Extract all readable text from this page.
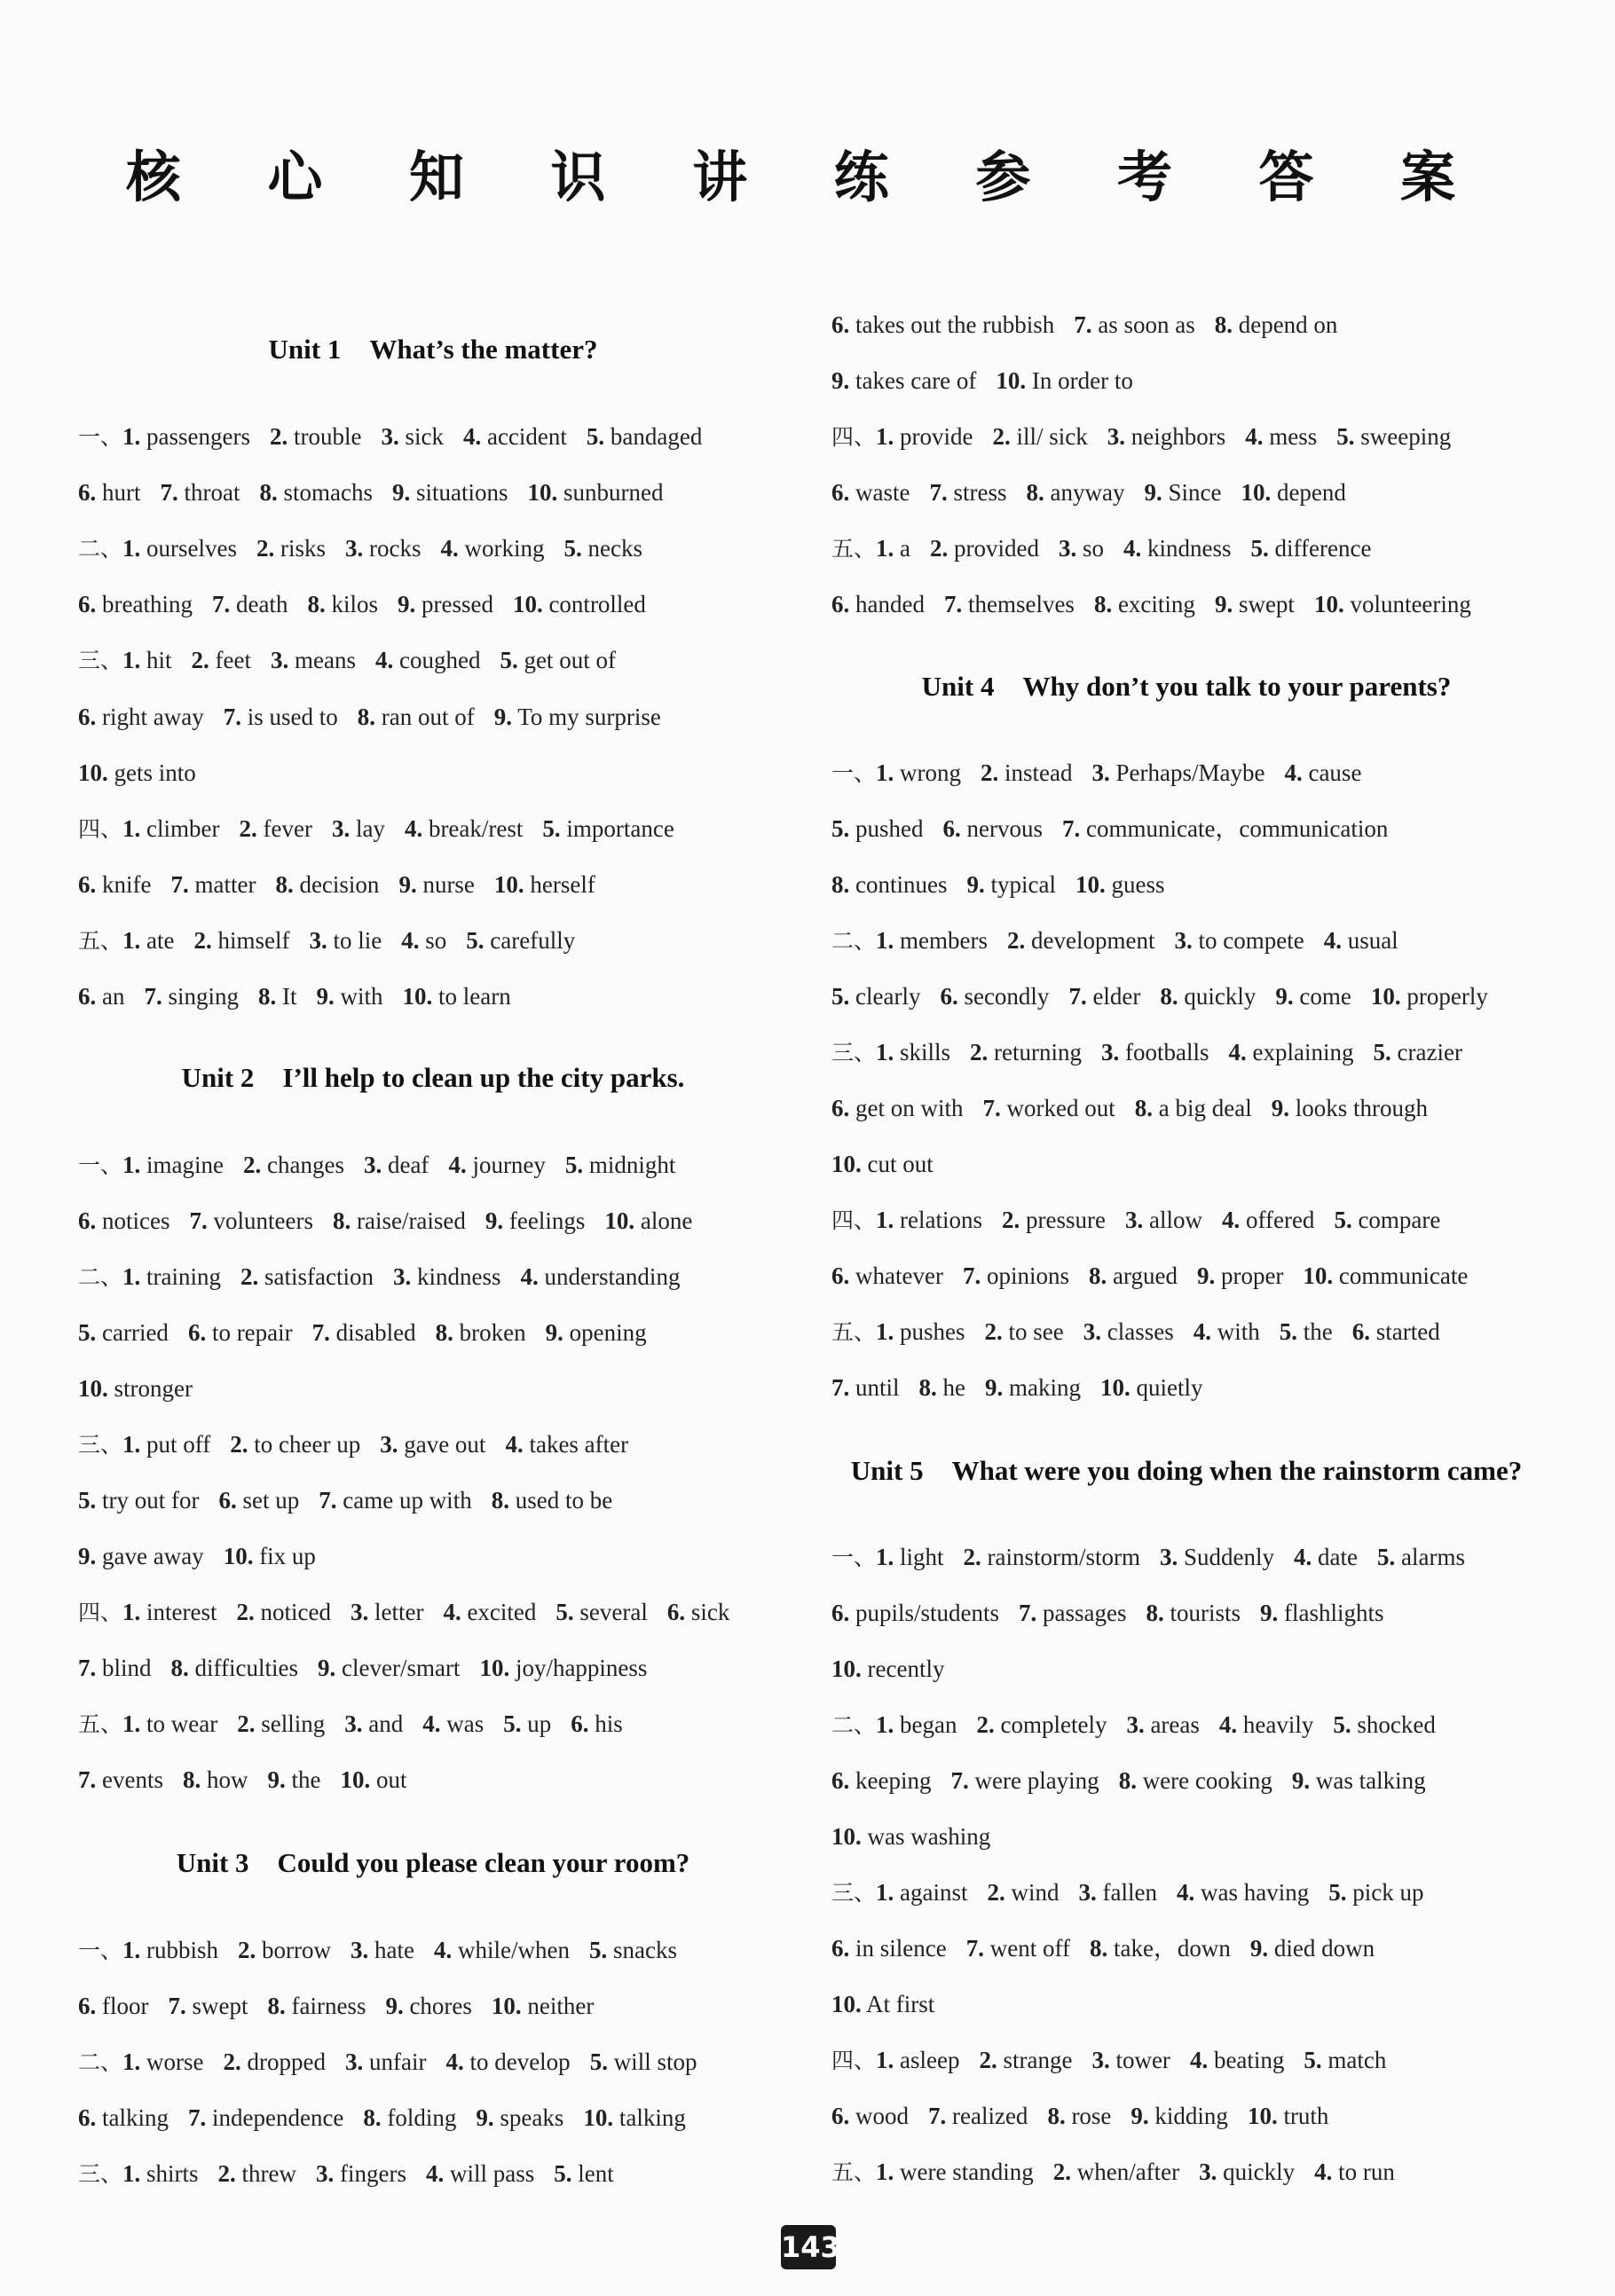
核 心 知 识 讲 练 参 考 答 案
Unit 1 What’s the matter?
Unit 2 I’ll help to clean up the city parks.
Unit 3 Could you please clean your room?
一、1. passengers 2. trouble 3. sick 4. accident 5. bandaged
6. hurt 7. throat 8. stomachs 9. situations 10. sunburned
二、1. ourselves 2. risks 3. rocks 4. working 5. necks
6. breathing 7. death 8. kilos 9. pressed 10. controlled
三、1. hit 2. feet 3. means 4. coughed 5. get out of
6. right away 7. is used to 8. ran out of 9. To my surprise
10. gets into
四、1. climber 2. fever 3. lay 4. break/rest 5. importance
6. knife 7. matter 8. decision 9. nurse 10. herself
五、1. ate 2. himself 3. to lie 4. so 5. carefully
6. an 7. singing 8. It 9. with 10. to learn
一、1. imagine 2. changes 3. deaf 4. journey 5. midnight
6. notices 7. volunteers 8. raise/raised 9. feelings 10. alone
二、1. training 2. satisfaction 3. kindness 4. understanding
5. carried 6. to repair 7. disabled 8. broken 9. opening
10. stronger
三、1. put off 2. to cheer up 3. gave out 4. takes after
5. try out for 6. set up 7. came up with 8. used to be
9. gave away 10. fix up
四、1. interest 2. noticed 3. letter 4. excited 5. several 6. sick
7. blind 8. difficulties 9. clever/smart 10. joy/happiness
五、1. to wear 2. selling 3. and 4. was 5. up 6. his
7. events 8. how 9. the 10. out
一、1. rubbish 2. borrow 3. hate 4. while/when 5. snacks
6. floor 7. swept 8. fairness 9. chores 10. neither
二、1. worse 2. dropped 3. unfair 4. to develop 5. will stop
6. talking 7. independence 8. folding 9. speaks 10. talking
三、1. shirts 2. threw 3. fingers 4. will pass 5. lent
Unit 4 Why don’t you talk to your parents?
Unit 5 What were you doing when the rainstorm came?
6. takes out the rubbish 7. as soon as 8. depend on
9. takes care of 10. In order to
四、1. provide 2. ill/ sick 3. neighbors 4. mess 5. sweeping
6. waste 7. stress 8. anyway 9. Since 10. depend
五、1. a 2. provided 3. so 4. kindness 5. difference
6. handed 7. themselves 8. exciting 9. swept 10. volunteering
一、1. wrong 2. instead 3. Perhaps/Maybe 4. cause
5. pushed 6. nervous 7. communicate，communication
8. continues 9. typical 10. guess
二、1. members 2. development 3. to compete 4. usual
5. clearly 6. secondly 7. elder 8. quickly 9. come 10. properly
三、1. skills 2. returning 3. footballs 4. explaining 5. crazier
6. get on with 7. worked out 8. a big deal 9. looks through
10. cut out
四、1. relations 2. pressure 3. allow 4. offered 5. compare
6. whatever 7. opinions 8. argued 9. proper 10. communicate
五、1. pushes 2. to see 3. classes 4. with 5. the 6. started
7. until 8. he 9. making 10. quietly
一、1. light 2. rainstorm/storm 3. Suddenly 4. date 5. alarms
6. pupils/students 7. passages 8. tourists 9. flashlights
10. recently
二、1. began 2. completely 3. areas 4. heavily 5. shocked
6. keeping 7. were playing 8. were cooking 9. was talking
10. was washing
三、1. against 2. wind 3. fallen 4. was having 5. pick up
6. in silence 7. went off 8. take，down 9. died down
10. At first
四、1. asleep 2. strange 3. tower 4. beating 5. match
6. wood 7. realized 8. rose 9. kidding 10. truth
五、1. were standing 2. when/after 3. quickly 4. to run
143
